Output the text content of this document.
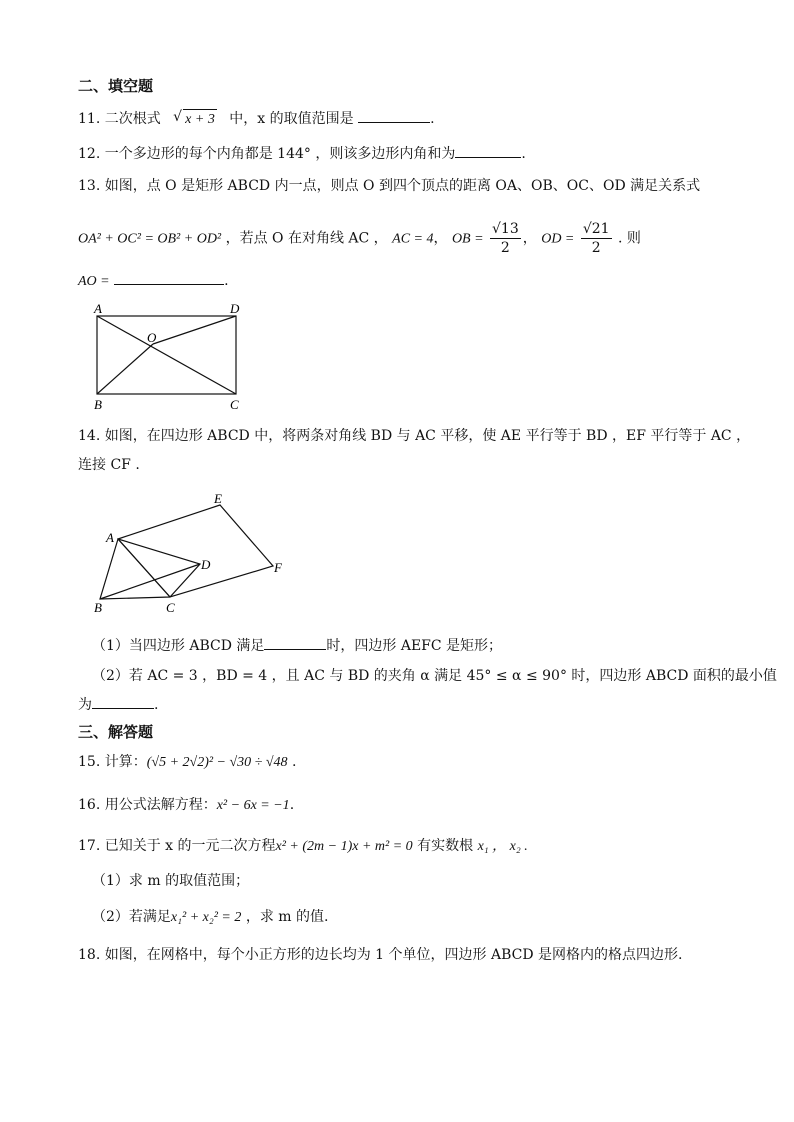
二、填空题
11. 二次根式 √ x + 3 中，x 的取值范围是	.
12. 一个多边形的每个内角都是 144° ，则该多边形内角和为	.
13. 如图，点 O 是矩形 ABCD 内一点，则点 O 到四个顶点的距离 OA、OB、OC、OD 满足关系式
OA² + OC² = OB² + OD² ，若点 O 在对角线 AC ， AC = 4， OB = $\frac{√13}{2}$ ， OD = $\frac{√21}{2}$ . 则
AO =	.
A	D
O
B	C
14. 如图，在四边形 ABCD 中，将两条对角线 BD 与 AC 平移，使 AE 平行等于 BD ，EF 平行等于 AC ，
连接 CF .
A
E
D	F
B	C
（1）当四边形 ABCD 满足	时，四边形 AEFC 是矩形；
（2）若 AC = 3 ，BD = 4 ，且 AC 与 BD 的夹角 α 满足 45° ≤ α ≤ 90° 时，四边形 ABCD 面积的最小值
为	.
三、解答题
15. 计算：(√5 + 2√2)² − √30 ÷ √48 .
16. 用公式法解方程：x² − 6x = −1.
17. 已知关于 x 的一元二次方程x² + (2m − 1)x + m² = 0 有实数根 x₁ ， x₂ .
（1）求 m 的取值范围；
（2）若满足x₁² + x₂² = 2 ，求 m 的值.
18. 如图，在网格中，每个小正方形的边长均为 1 个单位，四边形 ABCD 是网格内的格点四边形.
